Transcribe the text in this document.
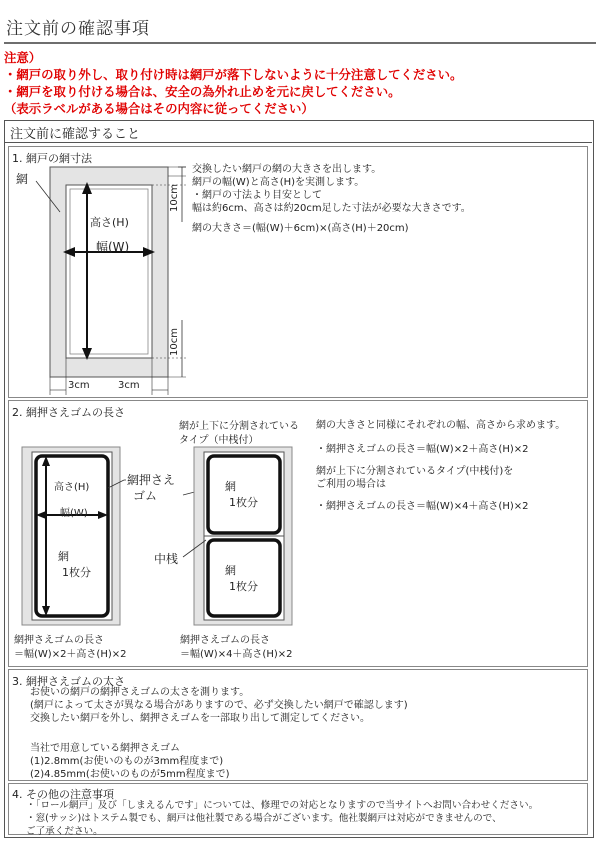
注文前の確認事項
注意）
・網戸の取り外し、取り付け時は網戸が落下しないように十分注意してください。
・網戸を取り付ける場合は、安全の為外れ止めを元に戻してください。
（表示ラベルがある場合はその内容に従ってください）
注文前に確認すること
1. 網戸の網寸法
網
高さ(H)
幅(W)
10cm
10cm
3cm	3cm
交換したい網戸の網の大きさを出します。
網戸の幅(W)と高さ(H)を実測します。
・網戸の寸法より目安として
幅は約6cm、高さは約20cm足した寸法が必要な大きさです。
網の大きさ＝(幅(W)＋6cm)×(高さ(H)＋20cm)
2. 網押さえゴムの長さ
高さ(H)
幅(W)
網
1枚分
網押さえ
ゴム
網が上下に分割されている
タイプ（中桟付）
中桟
網
1枚分
網
1枚分
網押さえゴムの長さ
＝幅(W)×2＋高さ(H)×2
網押さえゴムの長さ
＝幅(W)×4＋高さ(H)×2
網の大きさと同様にそれぞれの幅、高さから求めます。
・網押さえゴムの長さ＝幅(W)×2＋高さ(H)×2
網が上下に分割されているタイプ(中桟付)を
ご利用の場合は
・網押さえゴムの長さ＝幅(W)×4＋高さ(H)×2
3. 網押さえゴムの太さ
お使いの網戸の網押さえゴムの太さを測ります。
(網戸によって太さが異なる場合がありますので、必ず交換したい網戸で確認します)
交換したい網戸を外し、網押さえゴムを一部取り出して測定してください。
当社で用意している網押さえゴム
(1)2.8mm(お使いのものが3mm程度まで)
(2)4.85mm(お使いのものが5mm程度まで)
4. その他の注意事項
・「ロール網戸」及び「しまえるんです」については、修理での対応となりますので当サイトへお問い合わせください。
・窓(サッシ)はトステム製でも、網戸は他社製である場合がございます。他社製網戸は対応ができませんので、
ご了承ください。
